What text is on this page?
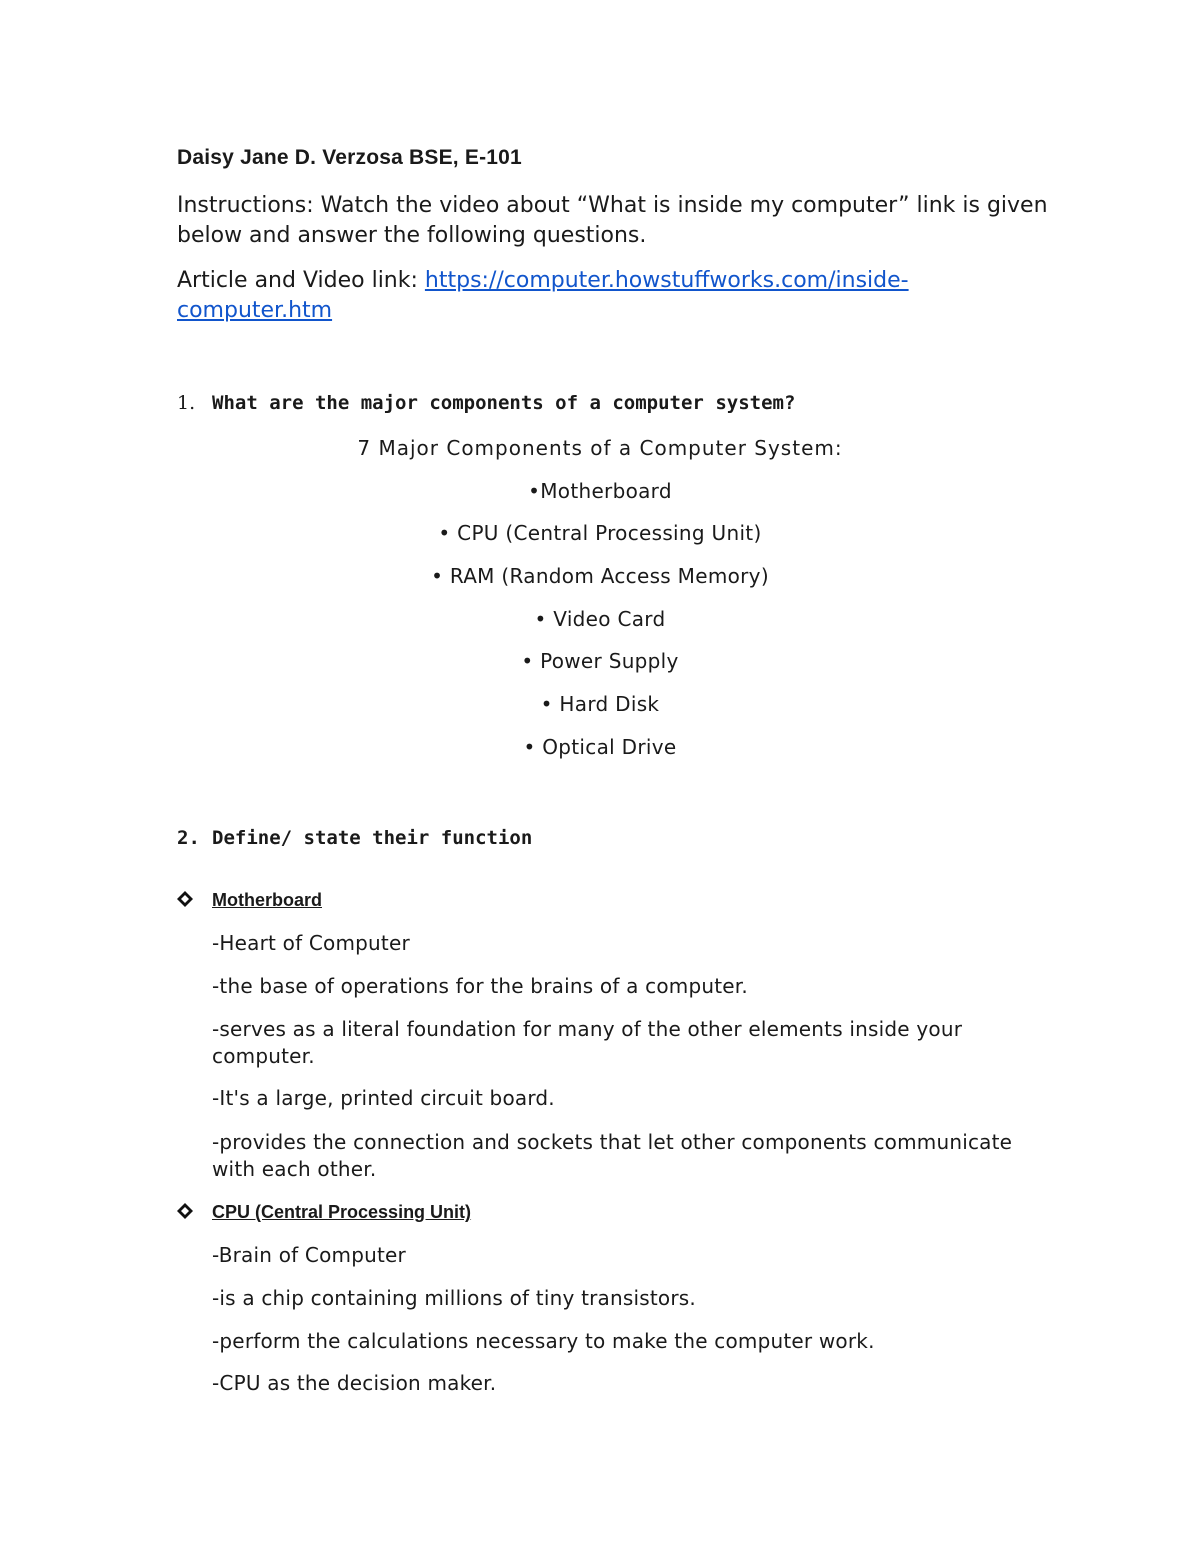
Daisy Jane D. Verzosa BSE, E-101
Instructions: Watch the video about “What is inside my computer” link is given below and answer the following questions.
Article and Video link: https://computer.howstuffworks.com/inside-computer.htm
1. What are the major components of a computer system?
7 Major Components of a Computer System:
•Motherboard
• CPU (Central Processing Unit)
• RAM (Random Access Memory)
• Video Card
• Power Supply
• Hard Disk
• Optical Drive
2. Define/ state their function
Motherboard
-Heart of Computer
-the base of operations for the brains of a computer.
-serves as a literal foundation for many of the other elements inside your computer.
-It's a large, printed circuit board.
-provides the connection and sockets that let other components communicate with each other.
CPU (Central Processing Unit)
-Brain of Computer
-is a chip containing millions of tiny transistors.
-perform the calculations necessary to make the computer work.
-CPU as the decision maker.
